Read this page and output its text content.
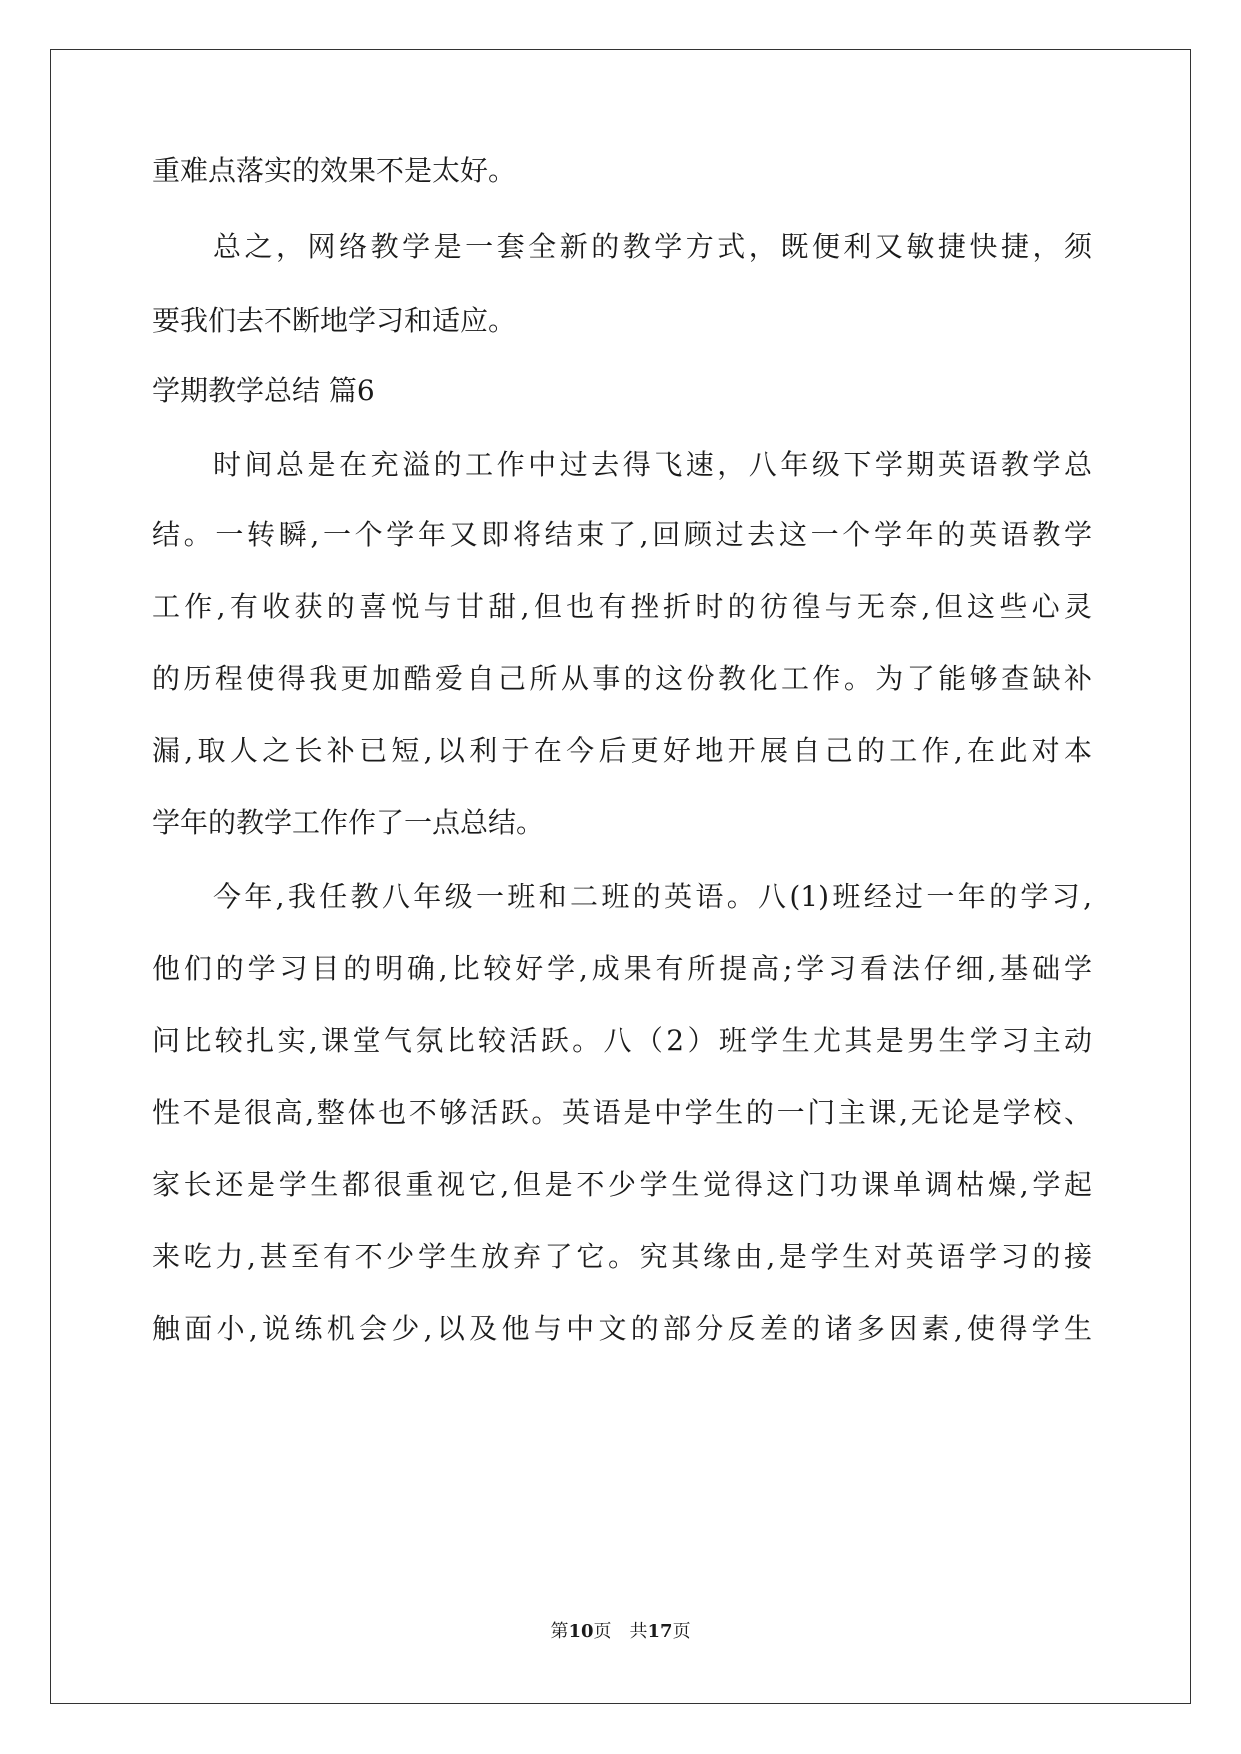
重难点落实的效果不是太好。
总之，网络教学是一套全新的教学方式，既便利又敏捷快捷，须
要我们去不断地学习和适应。
学期教学总结 篇6
时间总是在充溢的工作中过去得飞速，八年级下学期英语教学总
结。一转瞬,一个学年又即将结束了,回顾过去这一个学年的英语教学
工作,有收获的喜悦与甘甜,但也有挫折时的彷徨与无奈,但这些心灵
的历程使得我更加酷爱自己所从事的这份教化工作。为了能够查缺补
漏,取人之长补已短,以利于在今后更好地开展自己的工作,在此对本
学年的教学工作作了一点总结。
今年,我任教八年级一班和二班的英语。八(1)班经过一年的学习,
他们的学习目的明确,比较好学,成果有所提高;学习看法仔细,基础学
问比较扎实,课堂气氛比较活跃。八（2）班学生尤其是男生学习主动
性不是很高,整体也不够活跃。英语是中学生的一门主课,无论是学校、
家长还是学生都很重视它,但是不少学生觉得这门功课单调枯燥,学起
来吃力,甚至有不少学生放弃了它。究其缘由,是学生对英语学习的接
触面小,说练机会少,以及他与中文的部分反差的诸多因素,使得学生
第10页　共17页
